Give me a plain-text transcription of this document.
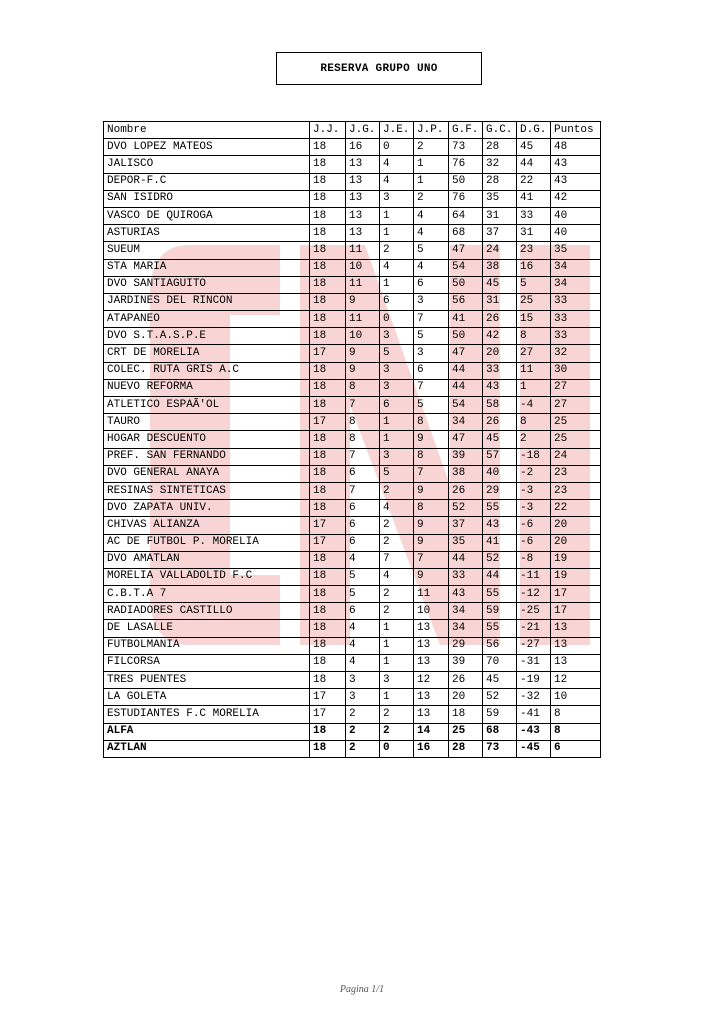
RESERVA GRUPO UNO
Nombre	J.J.	J.G.	J.E.	J.P.	G.F.	G.C.	D.G.	Puntos
DVO LOPEZ MATEOS	18	16	0	2	73	28	45	48
JALISCO	18	13	4	1	76	32	44	43
DEPOR-F.C	18	13	4	1	50	28	22	43
SAN ISIDRO	18	13	3	2	76	35	41	42
VASCO DE QUIROGA	18	13	1	4	64	31	33	40
ASTURIAS	18	13	1	4	68	37	31	40
SUEUM	18	11	2	5	47	24	23	35
STA MARIA	18	10	4	4	54	38	16	34
DVO SANTIAGUITO	18	11	1	6	50	45	5	34
JARDINES DEL RINCON	18	9	6	3	56	31	25	33
ATAPANEO	18	11	0	7	41	26	15	33
DVO S.T.A.S.P.E	18	10	3	5	50	42	8	33
CRT DE MORELIA	17	9	5	3	47	20	27	32
COLEC. RUTA GRIS A.C	18	9	3	6	44	33	11	30
NUEVO REFORMA	18	8	3	7	44	43	1	27
ATLETICO ESPAÃ'OL	18	7	6	5	54	58	-4	27
TAURO	17	8	1	8	34	26	8	25
HOGAR DESCUENTO	18	8	1	9	47	45	2	25
PREF. SAN FERNANDO	18	7	3	8	39	57	-18	24
DVO GENERAL ANAYA	18	6	5	7	38	40	-2	23
RESINAS SINTETICAS	18	7	2	9	26	29	-3	23
DVO ZAPATA UNIV.	18	6	4	8	52	55	-3	22
CHIVAS ALIANZA	17	6	2	9	37	43	-6	20
AC DE FUTBOL P. MORELIA	17	6	2	9	35	41	-6	20
DVO AMATLAN	18	4	7	7	44	52	-8	19
MORELIA VALLADOLID F.C	18	5	4	9	33	44	-11	19
C.B.T.A 7	18	5	2	11	43	55	-12	17
RADIADORES CASTILLO	18	6	2	10	34	59	-25	17
DE LASALLE	18	4	1	13	34	55	-21	13
FUTBOLMANIA	18	4	1	13	29	56	-27	13
FILCORSA	18	4	1	13	39	70	-31	13
TRES PUENTES	18	3	3	12	26	45	-19	12
LA GOLETA	17	3	1	13	20	52	-32	10
ESTUDIANTES F.C MORELIA	17	2	2	13	18	59	-41	8
ALFA	18	2	2	14	25	68	-43	8
AZTLAN	18	2	0	16	28	73	-45	6
Pagina 1/1
